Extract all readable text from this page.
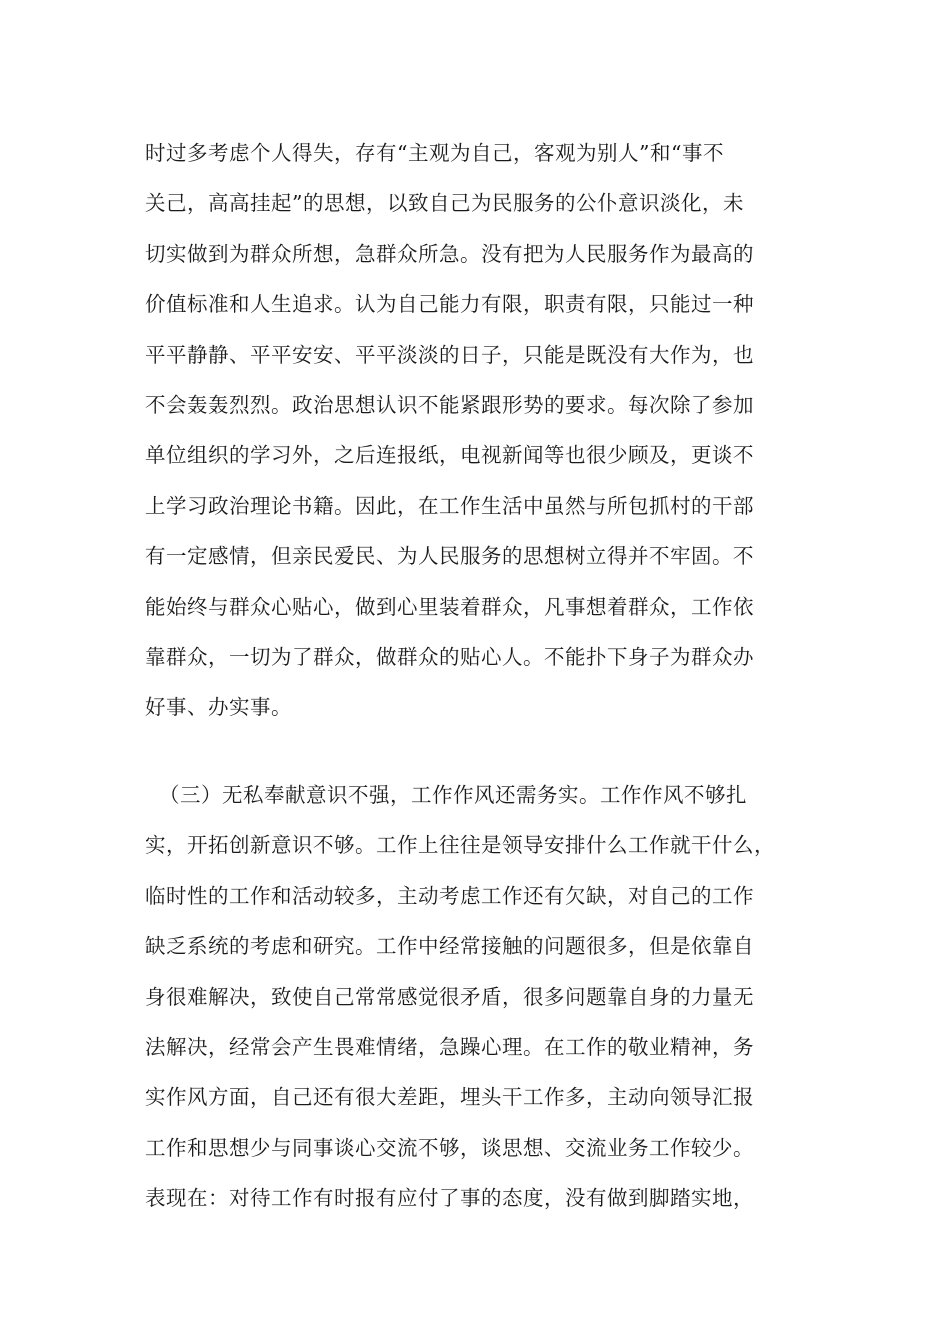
时过多考虑个人得失，存有“主观为自己，客观为别人”和“事不
关己，高高挂起”的思想，以致自己为民服务的公仆意识淡化，未
切实做到为群众所想，急群众所急。没有把为人民服务作为最高的
价值标准和人生追求。认为自己能力有限，职责有限，只能过一种
平平静静、平平安安、平平淡淡的日子，只能是既没有大作为，也
不会轰轰烈烈。政治思想认识不能紧跟形势的要求。每次除了参加
单位组织的学习外，之后连报纸，电视新闻等也很少顾及，更谈不
上学习政治理论书籍。因此，在工作生活中虽然与所包抓村的干部
有一定感情，但亲民爱民、为人民服务的思想树立得并不牢固。不
能始终与群众心贴心，做到心里装着群众，凡事想着群众，工作依
靠群众，一切为了群众，做群众的贴心人。不能扑下身子为群众办
好事、办实事。
（三）无私奉献意识不强，工作作风还需务实。工作作风不够扎
实，开拓创新意识不够。工作上往往是领导安排什么工作就干什么，
临时性的工作和活动较多，主动考虑工作还有欠缺，对自己的工作
缺乏系统的考虑和研究。工作中经常接触的问题很多，但是依靠自
身很难解决，致使自己常常感觉很矛盾，很多问题靠自身的力量无
法解决，经常会产生畏难情绪，急躁心理。在工作的敬业精神，务
实作风方面，自己还有很大差距，埋头干工作多，主动向领导汇报
工作和思想少与同事谈心交流不够，谈思想、交流业务工作较少。
表现在：对待工作有时报有应付了事的态度，没有做到脚踏实地，
